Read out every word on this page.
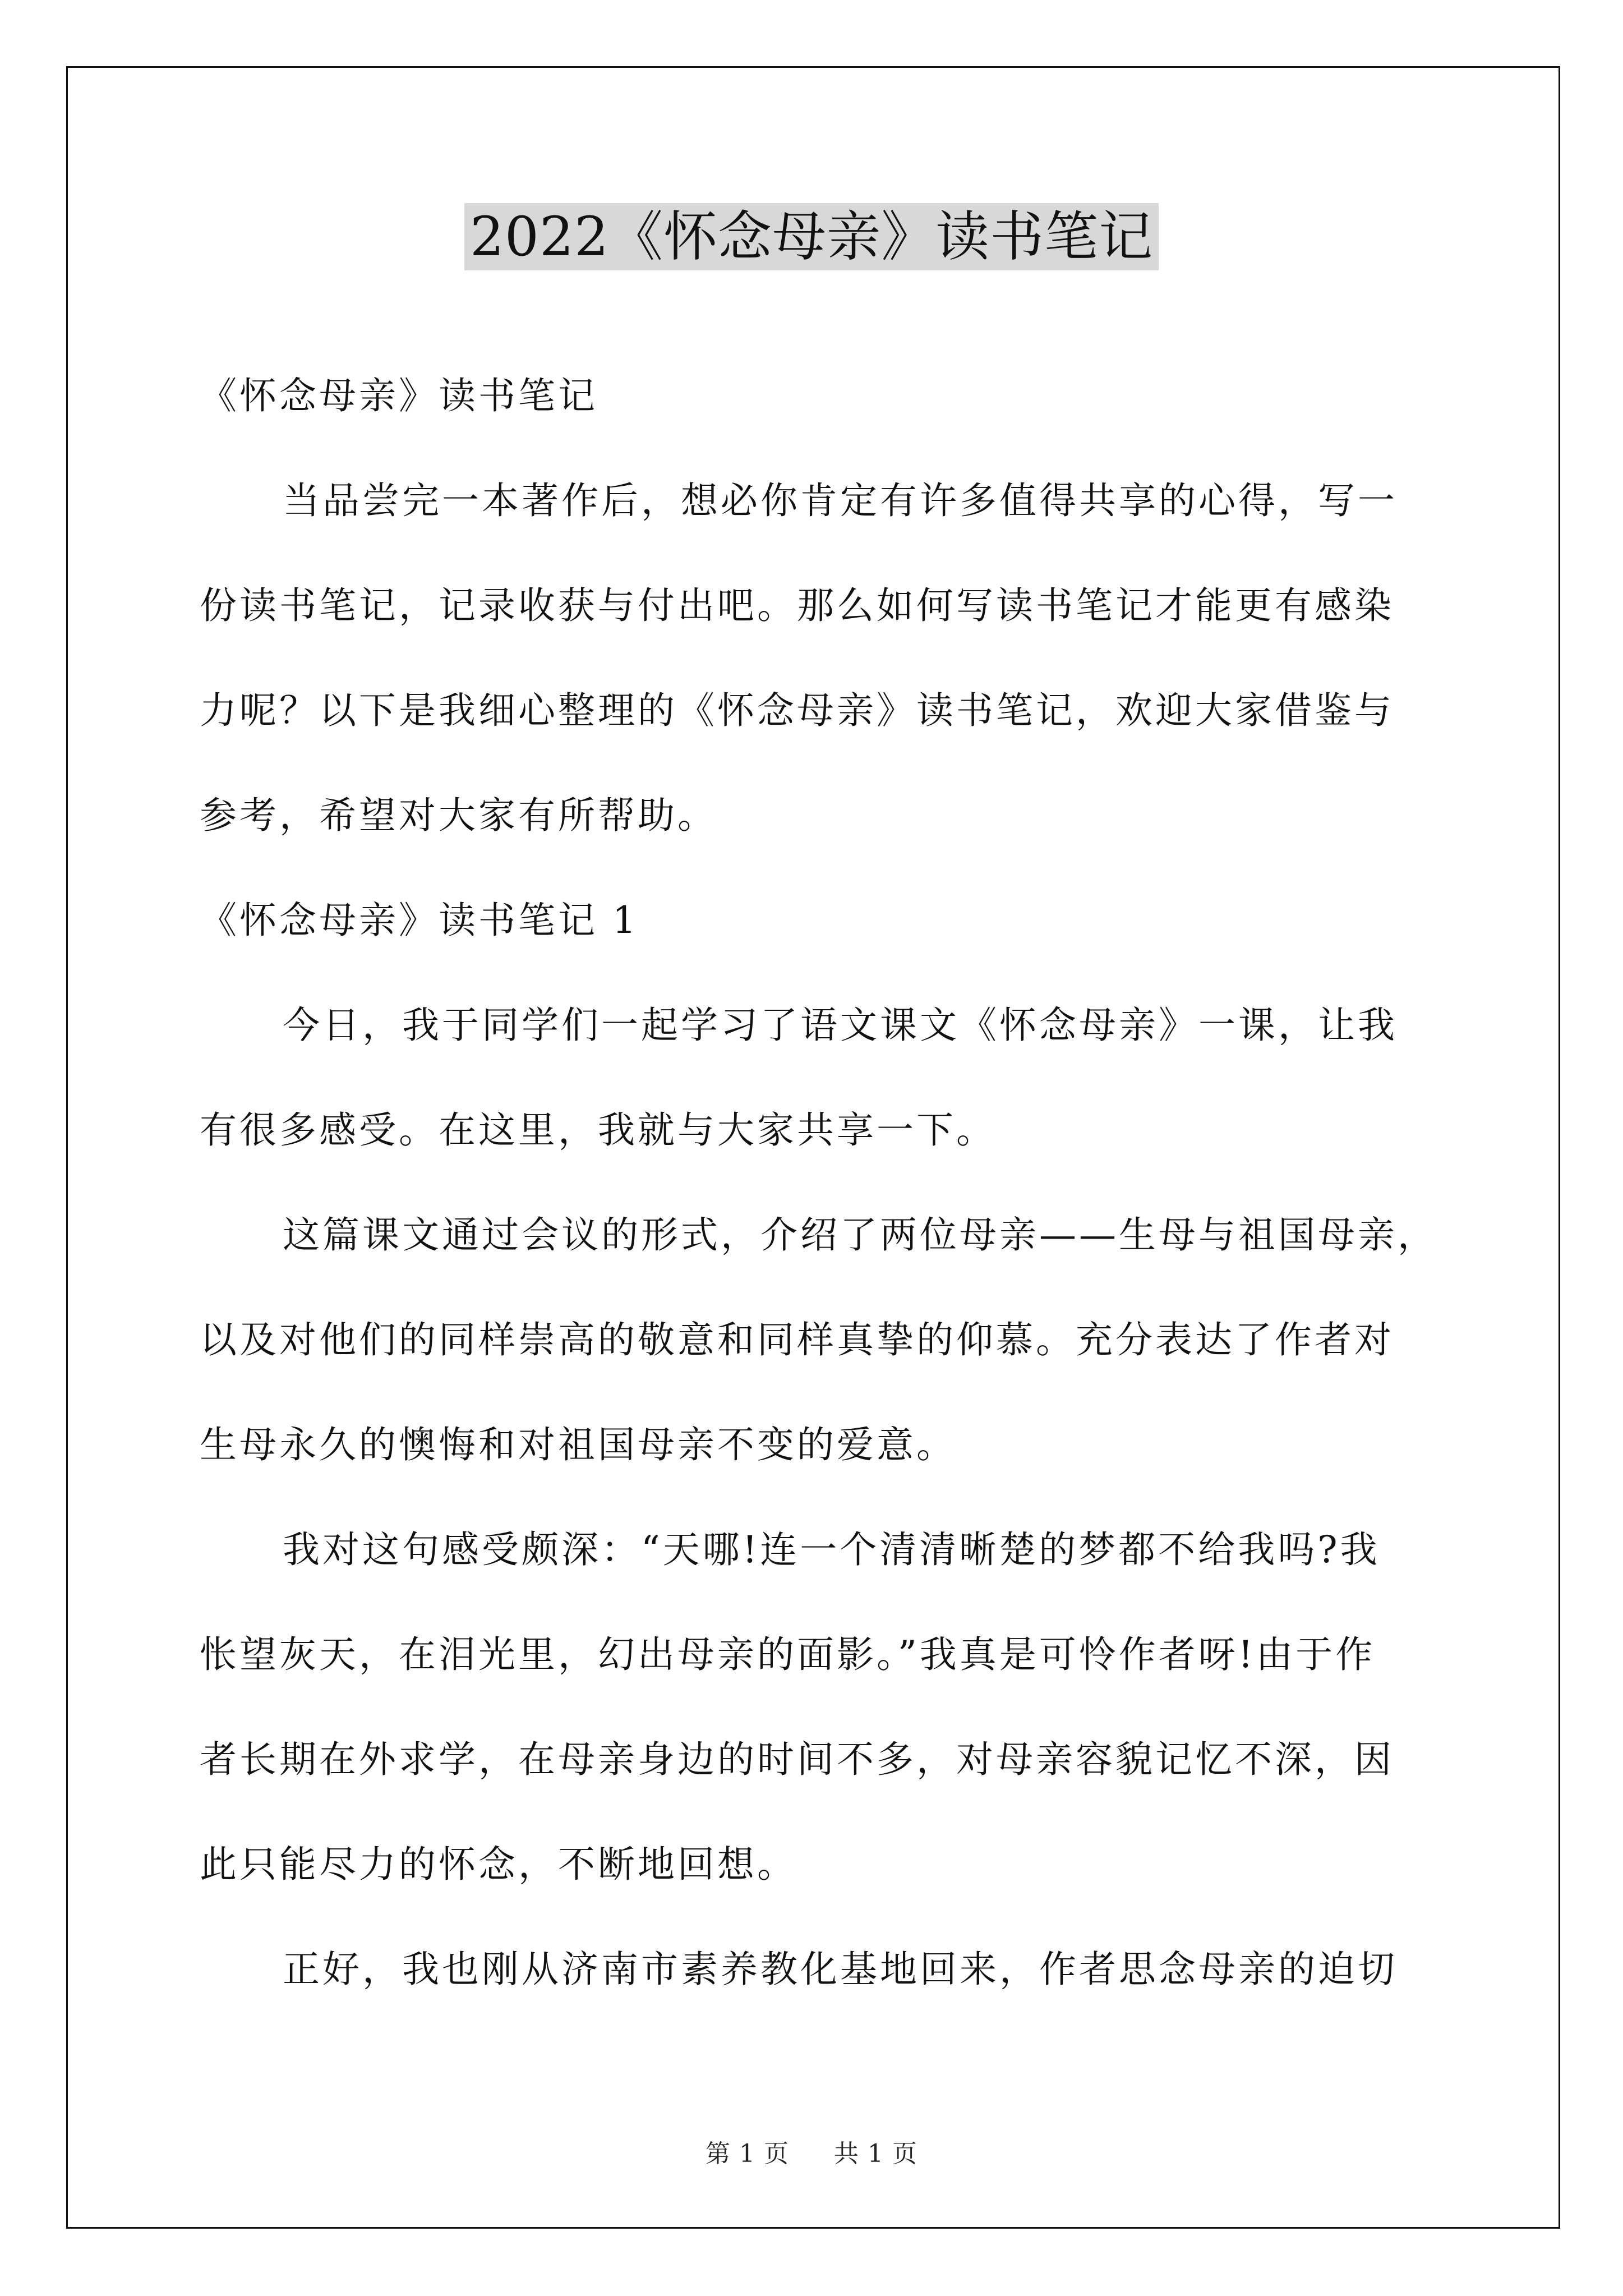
2022《怀念母亲》读书笔记
《怀念母亲》读书笔记
当品尝完一本著作后，想必你肯定有许多值得共享的心得，写一
份读书笔记，记录收获与付出吧。那么如何写读书笔记才能更有感染
力呢？以下是我细心整理的《怀念母亲》读书笔记，欢迎大家借鉴与
参考，希望对大家有所帮助。
《怀念母亲》读书笔记 1
今日，我于同学们一起学习了语文课文《怀念母亲》一课，让我
有很多感受。在这里，我就与大家共享一下。
这篇课文通过会议的形式，介绍了两位母亲——生母与祖国母亲，
以及对他们的同样崇高的敬意和同样真挚的仰慕。充分表达了作者对
生母永久的懊悔和对祖国母亲不变的爱意。
我对这句感受颇深：“天哪!连一个清清晰楚的梦都不给我吗?我
怅望灰天，在泪光里，幻出母亲的面影。”我真是可怜作者呀!由于作
者长期在外求学，在母亲身边的时间不多，对母亲容貌记忆不深，因
此只能尽力的怀念，不断地回想。
正好，我也刚从济南市素养教化基地回来，作者思念母亲的迫切
第 1 页 共 1 页
